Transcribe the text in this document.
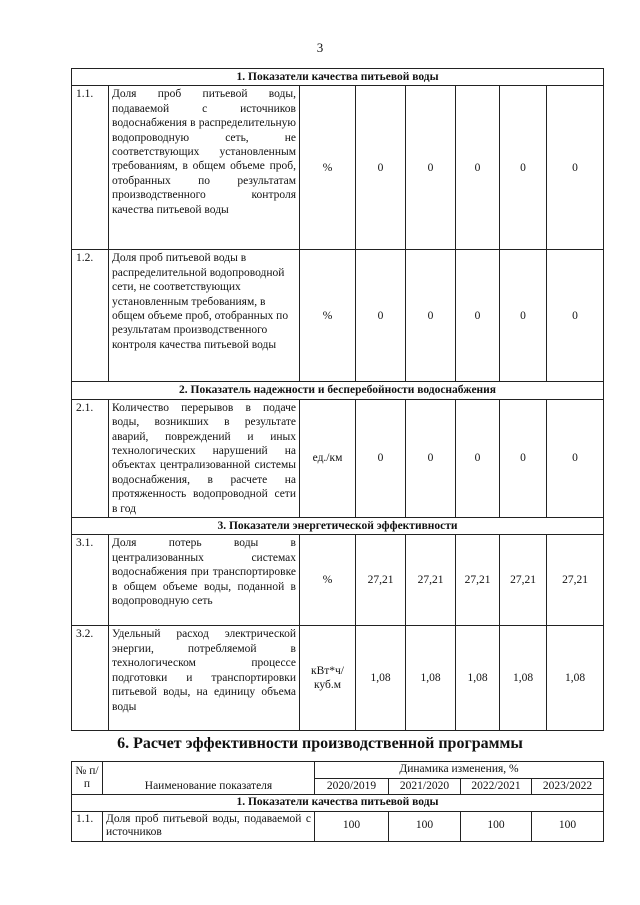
3
1. Показатели качества питьевой воды							
1.1.	Доля проб питьевой воды, подаваемой с источников водоснабжения в распределительную водопроводную сеть, не соответствующих установленным требованиям, в общем объеме проб, отобранных по результатам производственного контроля качества питьевой воды	%	0	0	0	0	0
1.2.	Доля проб питьевой воды в распределительной водопроводной сети, не соответствующих установленным требованиям, в общем объеме проб, отобранных по результатам производственного контроля качества питьевой воды	%	0	0	0	0	0
2. Показатель надежности и бесперебойности водоснабжения							
2.1.	Количество перерывов в подаче воды, возникших в результате аварий, повреждений и иных технологических нарушений на объектах централизованной системы водоснабжения, в расчете на протяженность водопроводной сети в год	ед./км	0	0	0	0	0
3. Показатели энергетической эффективности							
3.1.	Доля потерь воды в централизованных системах водоснабжения при транспортировке в общем объеме воды, поданной в водопроводную сеть	%	27,21	27,21	27,21	27,21	27,21
3.2.	Удельный расход электрической энергии, потребляемой в технологическом процессе подготовки и транспортировки питьевой воды, на единицу объема воды	кВт*ч/ куб.м	1,08	1,08	1,08	1,08	1,08
6. Расчет эффективности производственной программы
№ п/п	Наименование показателя	Динамика изменения, %			
		2020/2019	2021/2020	2022/2021	2023/2022
1. Показатели качества питьевой воды					
1.1.	Доля проб питьевой воды, подаваемой с источников	100	100	100	100
